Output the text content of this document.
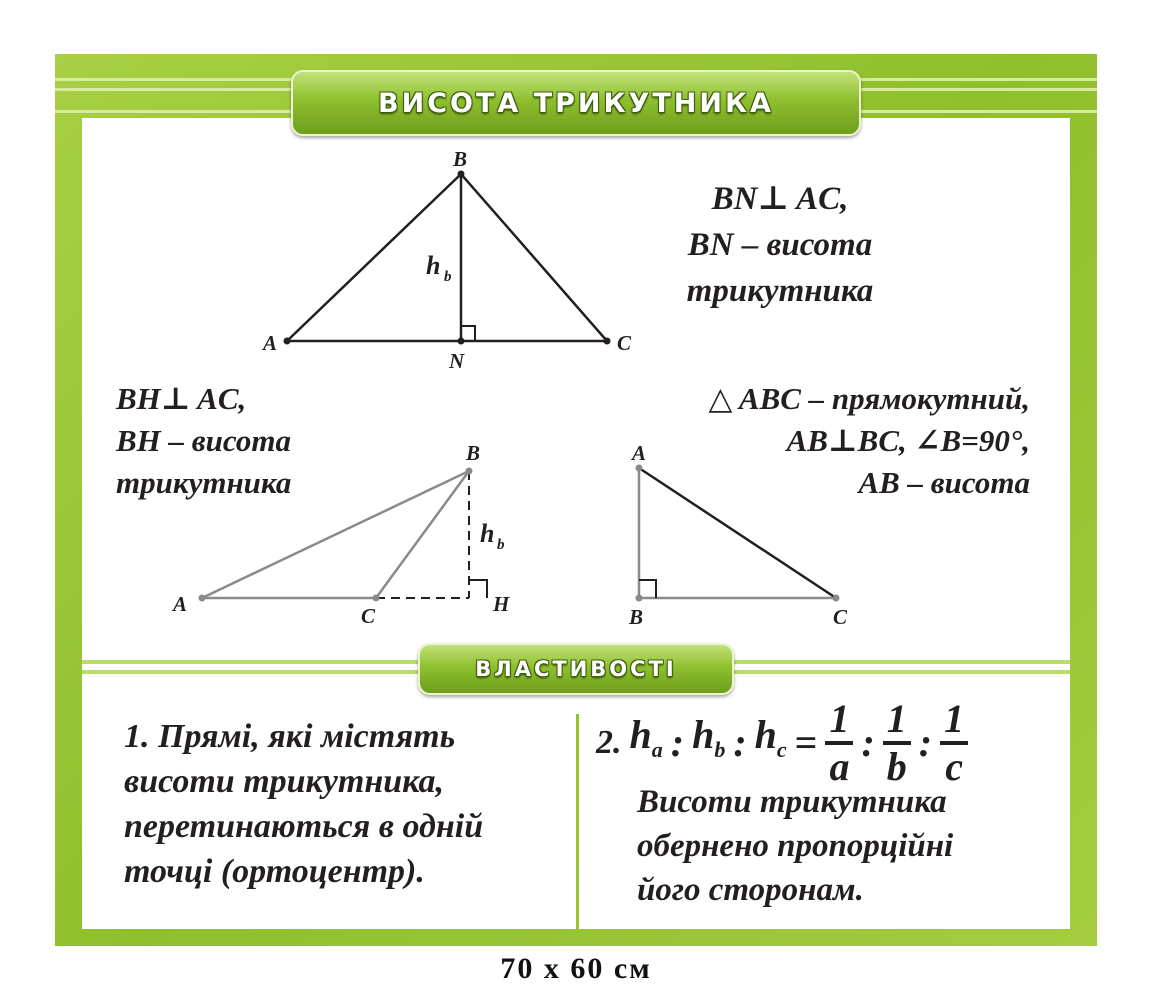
ВИСОТА ТРИКУТНИКА
ВЛАСТИВОСТІ
A
B
C
N
h b
A
B
C	H
h b
A
B	C
BN⊥ AC,
BN – висота
трикутника
BH⊥ AC,
BH – висота
трикутника
△ ABC – прямокутний,
AB⊥BC, ∠B=90°,
AB – висота
1. Прямі, які містять
висоти трикутника,
перетинаються в одній
точці (ортоцентр).
2. $h_a$ : $h_b$ : $h_c = \frac{1}{a}$ : $\frac{1}{b}$ : $\frac{1}{c}$
Висоти трикутника
обернено пропорційні
його сторонам.
70 x 60 см
